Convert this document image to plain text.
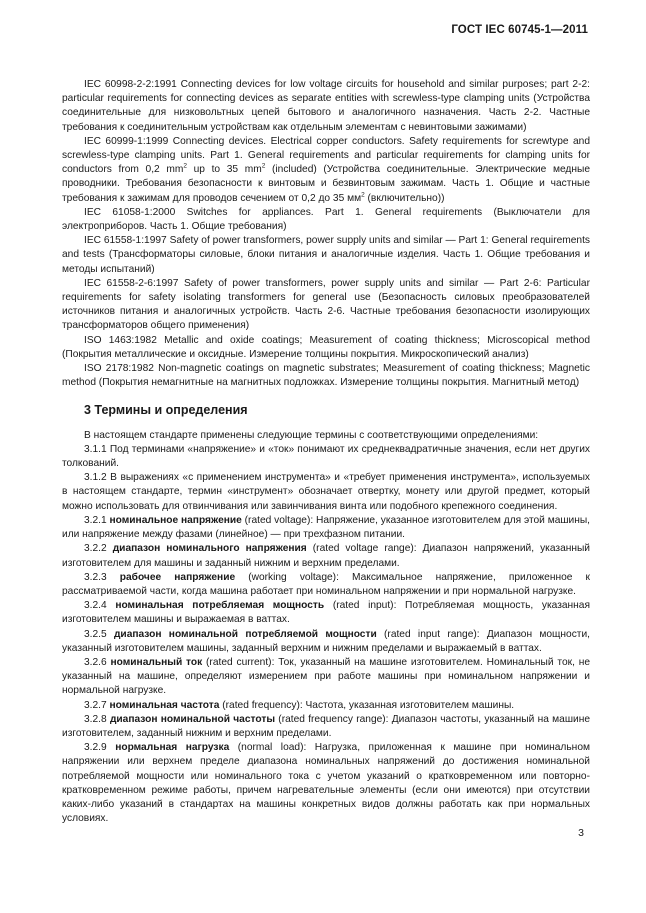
ГОСТ IEC 60745-1—2011

IEC 60998-2-2:1991 Connecting devices for low voltage circuits for household and similar purposes; part 2-2: particular requirements for connecting devices as separate entities with screwless-type clamping units (Устройства соединительные для низковольтных цепей бытового и аналогичного назначения. Часть 2-2. Частные требования к соединительным устройствам как отдельным элементам с невинтовыми зажимами)

IEC 60999-1:1999 Connecting devices. Electrical copper conductors. Safety requirements for screwtype and screwless-type clamping units. Part 1. General requirements and particular requirements for clamping units for conductors from 0,2 $mm^2$ up to 35 $mm^2$ (included) (Устройства соединительные. Электрические медные проводники. Требования безопасности к винтовым и безвинтовым зажимам. Часть 1. Общие и частные требования к зажимам для проводов сечением от 0,2 до 35 $мм^2$ (включительно))

IEC 61058-1:2000 Switches for appliances. Part 1. General requirements (Выключатели для электроприборов. Часть 1. Общие требования)

IEC 61558-1:1997 Safety of power transformers, power supply units and similar — Part 1: General requirements and tests (Трансформаторы силовые, блоки питания и аналогичные изделия. Часть 1. Общие требования и методы испытаний)

IEC 61558-2-6:1997 Safety of power transformers, power supply units and similar — Part 2-6: Particular requirements for safety isolating transformers for general use (Безопасность силовых преобразователей источников питания и аналогичных устройств. Часть 2-6. Частные требования безопасности изолирующих трансформаторов общего применения)

ISO 1463:1982 Metallic and oxide coatings; Measurement of coating thickness; Microscopical method (Покрытия металлические и оксидные. Измерение толщины покрытия. Микроскопический анализ)

ISO 2178:1982 Non-magnetic coatings on magnetic substrates; Measurement of coating thickness; Magnetic method (Покрытия немагнитные на магнитных подложках. Измерение толщины покрытия. Магнитный метод)

3 Термины и определения

В настоящем стандарте применены следующие термины с соответствующими определениями:

3.1.1 Под терминами «напряжение» и «ток» понимают их среднеквадратичные значения, если нет других толкований.

3.1.2 В выражениях «с применением инструмента» и «требует применения инструмента», используемых в настоящем стандарте, термин «инструмент» обозначает отвертку, монету или другой предмет, который можно использовать для отвинчивания или завинчивания винта или подобного крепежного соединения.

3.2.1 номинальное напряжение (rated voltage): Напряжение, указанное изготовителем для этой машины, или напряжение между фазами (линейное) — при трехфазном питании.

3.2.2 диапазон номинального напряжения (rated voltage range): Диапазон напряжений, указанный изготовителем для машины и заданный нижним и верхним пределами.

3.2.3 рабочее напряжение (working voltage): Максимальное напряжение, приложенное к рассматриваемой части, когда машина работает при номинальном напряжении и при нормальной нагрузке.

3.2.4 номинальная потребляемая мощность (rated input): Потребляемая мощность, указанная изготовителем машины и выражаемая в ваттах.

3.2.5 диапазон номинальной потребляемой мощности (rated input range): Диапазон мощности, указанный изготовителем машины, заданный верхним и нижним пределами и выражаемый в ваттах.

3.2.6 номинальный ток (rated current): Ток, указанный на машине изготовителем. Номинальный ток, не указанный на машине, определяют измерением при работе машины при номинальном напряжении и нормальной нагрузке.

3.2.7 номинальная частота (rated frequency): Частота, указанная изготовителем машины.

3.2.8 диапазон номинальной частоты (rated frequency range): Диапазон частоты, указанный на машине изготовителем, заданный нижним и верхним пределами.

3.2.9 нормальная нагрузка (normal load): Нагрузка, приложенная к машине при номинальном напряжении или верхнем пределе диапазона номинальных напряжений до достижения номинальной потребляемой мощности или номинального тока с учетом указаний о кратковременном или повторно-кратковременном режиме работы, причем нагревательные элементы (если они имеются) при отсутствии каких-либо указаний в стандартах на машины конкретных видов должны работать как при нормальных условиях.

3
